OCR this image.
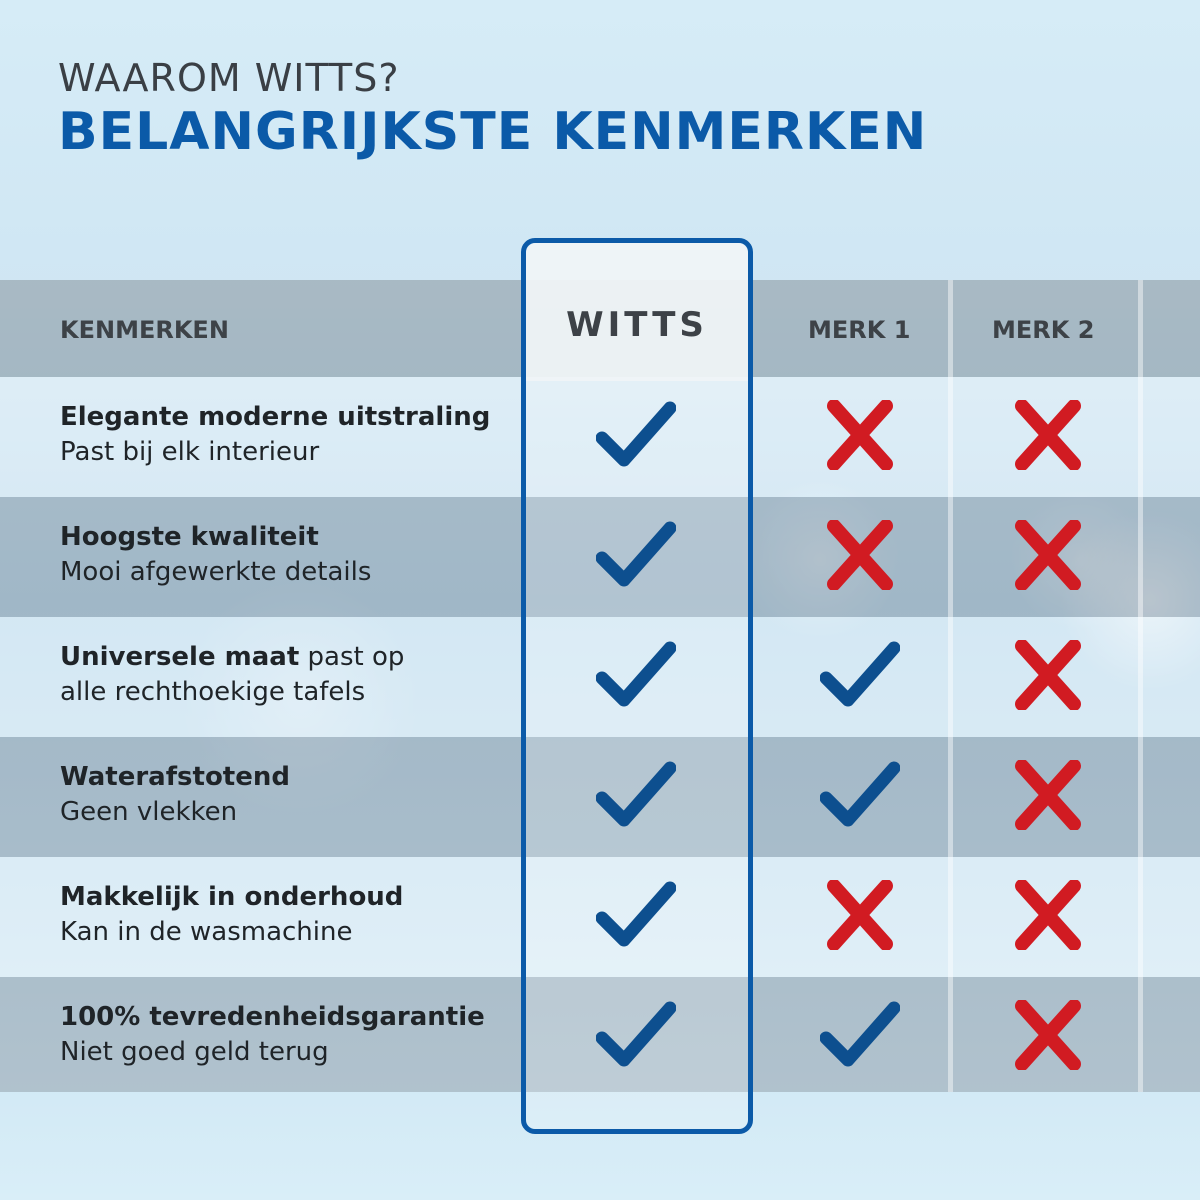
WAAROM WITTS?
BELANGRIJKSTE KENMERKEN
KENMERKEN	MERK 1	MERK 2
Elegante moderne uitstraling
Past bij elk interieur
Hoogste kwaliteit
Mooi afgewerkte details
Universele maat past op
alle rechthoekige tafels
Waterafstotend
Geen vlekken
Makkelijk in onderhoud
Kan in de wasmachine
100% tevredenheidsgarantie
Niet goed geld terug
WITTS
